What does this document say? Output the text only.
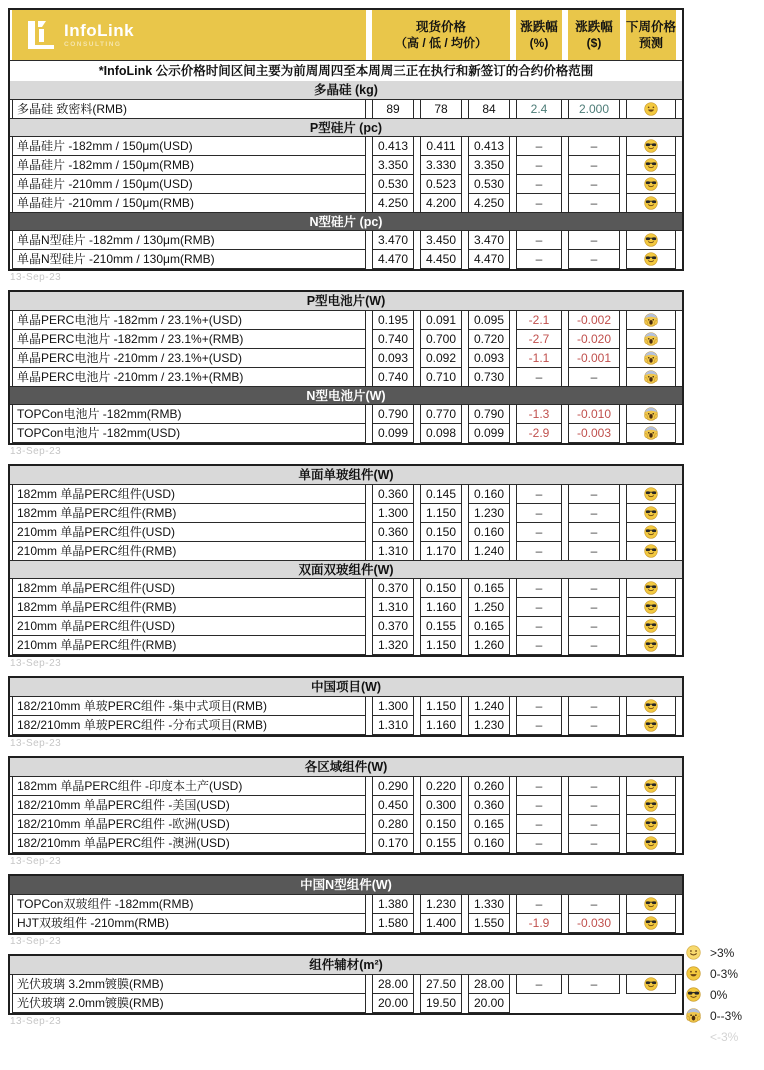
InfoLink
CONSULTING
现货价格
（高 / 低 / 均价）
涨跌幅
(%)
涨跌幅
($)
下周价格
预测
*InfoLink 公示价格时间区间主要为前周周四至本周周三正在执行和新签订的合约价格范围
多晶硅 (kg)
多晶硅 致密料(RMB)	89	78	84	2.4	2.000
P型硅片 (pc)
单晶硅片 -182mm / 150μm(USD)	0.413	0.411	0.413	–	–
单晶硅片 -182mm / 150μm(RMB)	3.350	3.330	3.350	–	–
单晶硅片 -210mm / 150μm(USD)	0.530	0.523	0.530	–	–
单晶硅片 -210mm / 150μm(RMB)	4.250	4.200	4.250	–	–
N型硅片 (pc)
单晶N型硅片 -182mm / 130μm(RMB)	3.470	3.450	3.470	–	–
单晶N型硅片 -210mm / 130μm(RMB)	4.470	4.450	4.470	–	–
13-Sep-23
P型电池片(W)
单晶PERC电池片 -182mm / 23.1%+(USD)	0.195	0.091	0.095	-2.1	-0.002
单晶PERC电池片 -182mm / 23.1%+(RMB)	0.740	0.700	0.720	-2.7	-0.020
单晶PERC电池片 -210mm / 23.1%+(USD)	0.093	0.092	0.093	-1.1	-0.001
单晶PERC电池片 -210mm / 23.1%+(RMB)	0.740	0.710	0.730	–	–
N型电池片(W)
TOPCon电池片 -182mm(RMB)	0.790	0.770	0.790	-1.3	-0.010
TOPCon电池片 -182mm(USD)	0.099	0.098	0.099	-2.9	-0.003
13-Sep-23
单面单玻组件(W)
182mm 单晶PERC组件(USD)	0.360	0.145	0.160	–	–
182mm 单晶PERC组件(RMB)	1.300	1.150	1.230	–	–
210mm 单晶PERC组件(USD)	0.360	0.150	0.160	–	–
210mm 单晶PERC组件(RMB)	1.310	1.170	1.240	–	–
双面双玻组件(W)
182mm 单晶PERC组件(USD)	0.370	0.150	0.165	–	–
182mm 单晶PERC组件(RMB)	1.310	1.160	1.250	–	–
210mm 单晶PERC组件(USD)	0.370	0.155	0.165	–	–
210mm 单晶PERC组件(RMB)	1.320	1.150	1.260	–	–
13-Sep-23
中国项目(W)
182/210mm 单玻PERC组件 -集中式项目(RMB)	1.300	1.150	1.240	–	–
182/210mm 单玻PERC组件 -分布式项目(RMB)	1.310	1.160	1.230	–	–
13-Sep-23
各区域组件(W)
182mm 单晶PERC组件 -印度本土产(USD)	0.290	0.220	0.260	–	–
182/210mm 单晶PERC组件 -美国(USD)	0.450	0.300	0.360	–	–
182/210mm 单晶PERC组件 -欧洲(USD)	0.280	0.150	0.165	–	–
182/210mm 单晶PERC组件 -澳洲(USD)	0.170	0.155	0.160	–	–
13-Sep-23
中国N型组件(W)
TOPCon双玻组件 -182mm(RMB)	1.380	1.230	1.330	–	–
HJT双玻组件 -210mm(RMB)	1.580	1.400	1.550	-1.9	-0.030
13-Sep-23
组件辅材(m²)
光伏玻璃 3.2mm镀膜(RMB)	28.00	27.50	28.00	–	–
光伏玻璃 2.0mm镀膜(RMB)	20.00	19.50	20.00
13-Sep-23
>3%
0-3%
0%
0--3%
<-3%
